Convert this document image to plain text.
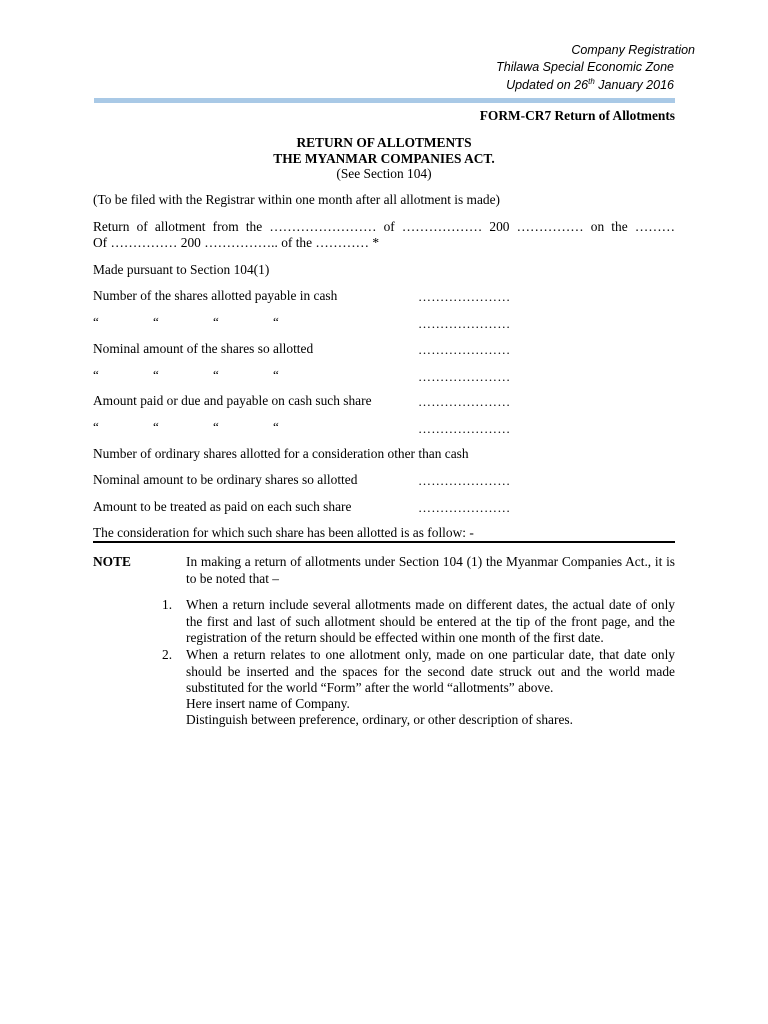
Company Registration
Thilawa Special Economic Zone
Updated on 26th January 2016
FORM-CR7 Return of Allotments
RETURN OF ALLOTMENTS
THE MYANMAR COMPANIES ACT.
(See Section 104)
(To be filed with the Registrar within one month after all allotment is made)
Return of allotment from the …………………… of ……………… 200 …………… on the ………
Of …………… 200 …………….. of the ………… *
Made pursuant to Section 104(1)
Number of the shares allotted payable in cash	…………………
“	“	“	“	…………………
Nominal amount of the shares so allotted	…………………
“	“	“	“	…………………
Amount paid or due and payable on cash such share	…………………
“	“	“	“	…………………
Number of ordinary shares allotted for a consideration other than cash
Nominal amount to be ordinary shares so allotted	…………………
Amount to be treated as paid on each such share	…………………
The consideration for which such share has been allotted is as follow: -
NOTE	In making a return of allotments under Section 104 (1) the Myanmar Companies Act., it is to be noted that –
1. When a return include several allotments made on different dates, the actual date of only the first and last of such allotment should be entered at the tip of the front page, and the registration of the return should be effected within one month of the first date.
2. When a return relates to one allotment only, made on one particular date, that date only should be inserted and the spaces for the second date struck out and the world made substituted for the world “Form” after the world “allotments” above.
Here insert name of Company.
Distinguish between preference, ordinary, or other description of shares.
